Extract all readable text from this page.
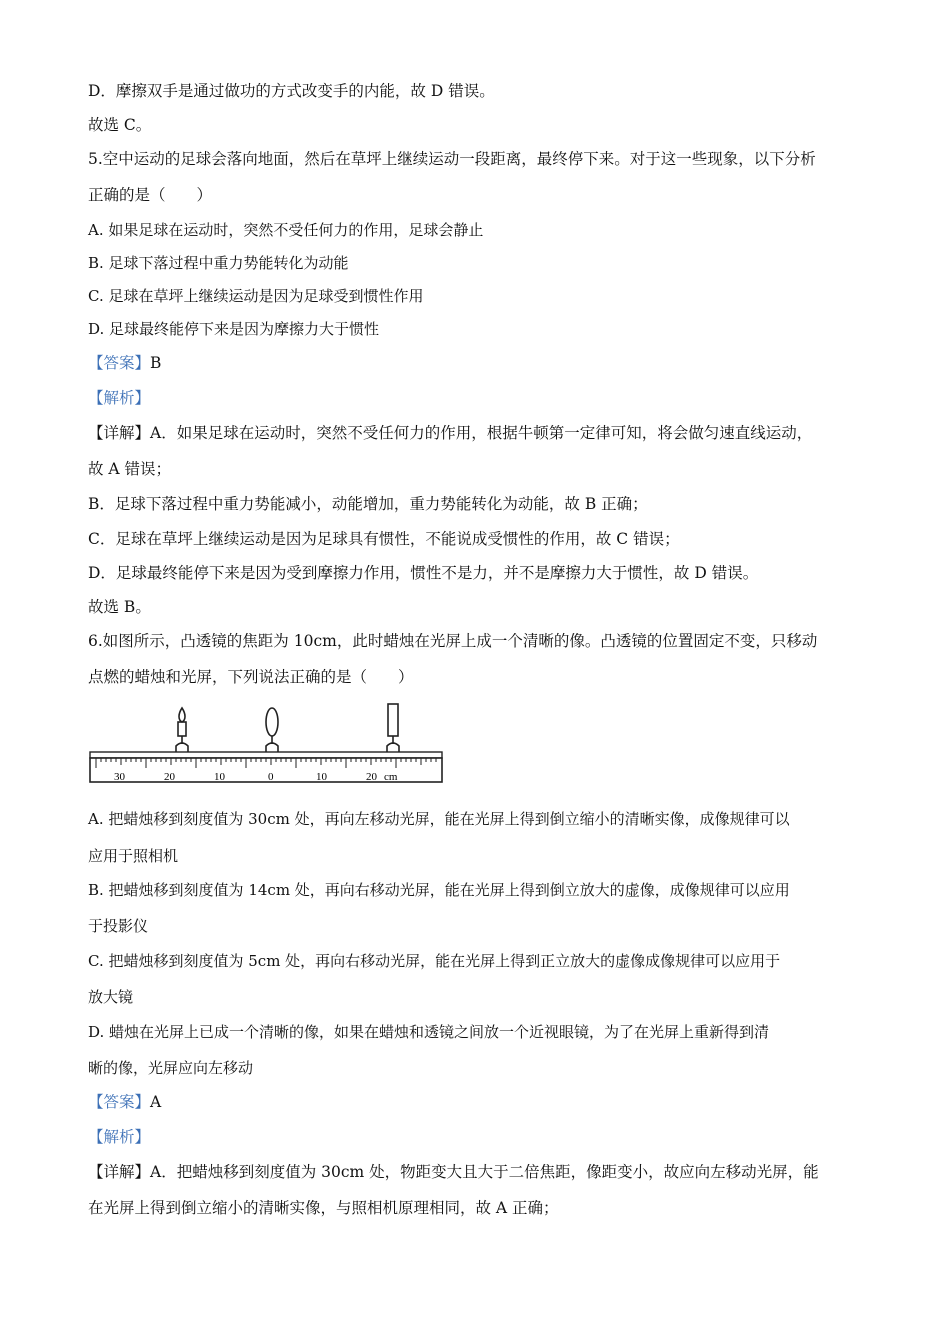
D．摩擦双手是通过做功的方式改变手的内能，故 D 错误。
故选 C。
5.空中运动的足球会落向地面，然后在草坪上继续运动一段距离，最终停下来。对于这一些现象，以下分析
正确的是（　　）
A. 如果足球在运动时，突然不受任何力的作用，足球会静止
B. 足球下落过程中重力势能转化为动能
C. 足球在草坪上继续运动是因为足球受到惯性作用
D. 足球最终能停下来是因为摩擦力大于惯性
【答案】B
【解析】
【详解】A．如果足球在运动时，突然不受任何力的作用，根据牛顿第一定律可知，将会做匀速直线运动，
故 A 错误；
B．足球下落过程中重力势能减小，动能增加，重力势能转化为动能，故 B 正确；
C．足球在草坪上继续运动是因为足球具有惯性，不能说成受惯性的作用，故 C 错误；
D．足球最终能停下来是因为受到摩擦力作用，惯性不是力，并不是摩擦力大于惯性，故 D 错误。
故选 B。
6.如图所示，凸透镜的焦距为 10cm，此时蜡烛在光屏上成一个清晰的像。凸透镜的位置固定不变，只移动
点燃的蜡烛和光屏，下列说法正确的是（　　）
30	20	10	0	10	20 cm
A. 把蜡烛移到刻度值为 30cm 处，再向左移动光屏，能在光屏上得到倒立缩小的清晰实像，成像规律可以
应用于照相机
B. 把蜡烛移到刻度值为 14cm 处，再向右移动光屏，能在光屏上得到倒立放大的虚像，成像规律可以应用
于投影仪
C. 把蜡烛移到刻度值为 5cm 处，再向右移动光屏，能在光屏上得到正立放大的虚像成像规律可以应用于
放大镜
D. 蜡烛在光屏上已成一个清晰的像，如果在蜡烛和透镜之间放一个近视眼镜，为了在光屏上重新得到清
晰的像，光屏应向左移动
【答案】A
【解析】
【详解】A．把蜡烛移到刻度值为 30cm 处，物距变大且大于二倍焦距，像距变小，故应向左移动光屏，能
在光屏上得到倒立缩小的清晰实像，与照相机原理相同，故 A 正确；
